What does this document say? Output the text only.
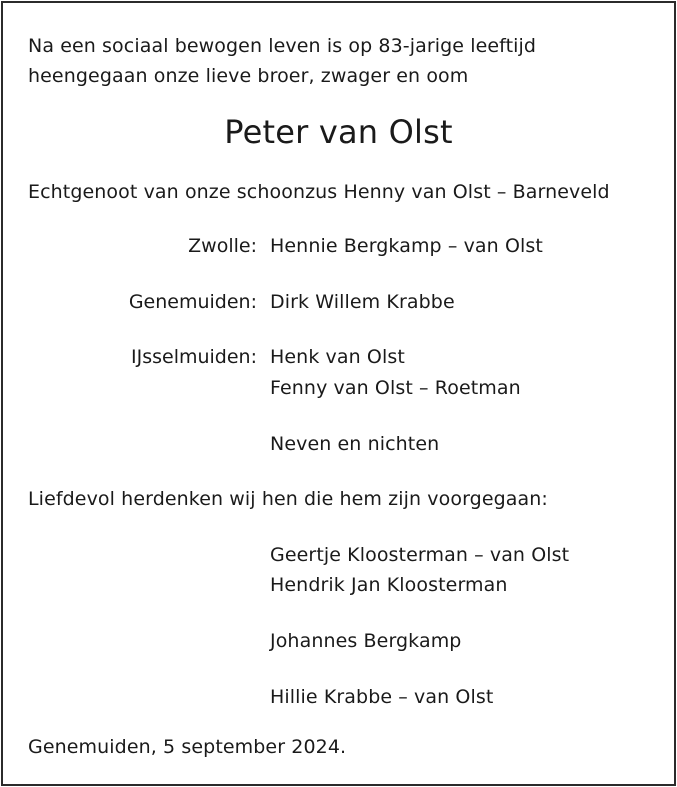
Na een sociaal bewogen leven is op 83-jarige leeftijd
heengegaan onze lieve broer, zwager en oom
Peter van Olst
Echtgenoot van onze schoonzus Henny van Olst – Barneveld
Zwolle: Hennie Bergkamp – van Olst
Genemuiden: Dirk Willem Krabbe
IJsselmuiden: Henk van Olst
Fenny van Olst – Roetman
Neven en nichten
Liefdevol herdenken wij hen die hem zijn voorgegaan:
Geertje Kloosterman – van Olst
Hendrik Jan Kloosterman
Johannes Bergkamp
Hillie Krabbe – van Olst
Genemuiden, 5 september 2024.
